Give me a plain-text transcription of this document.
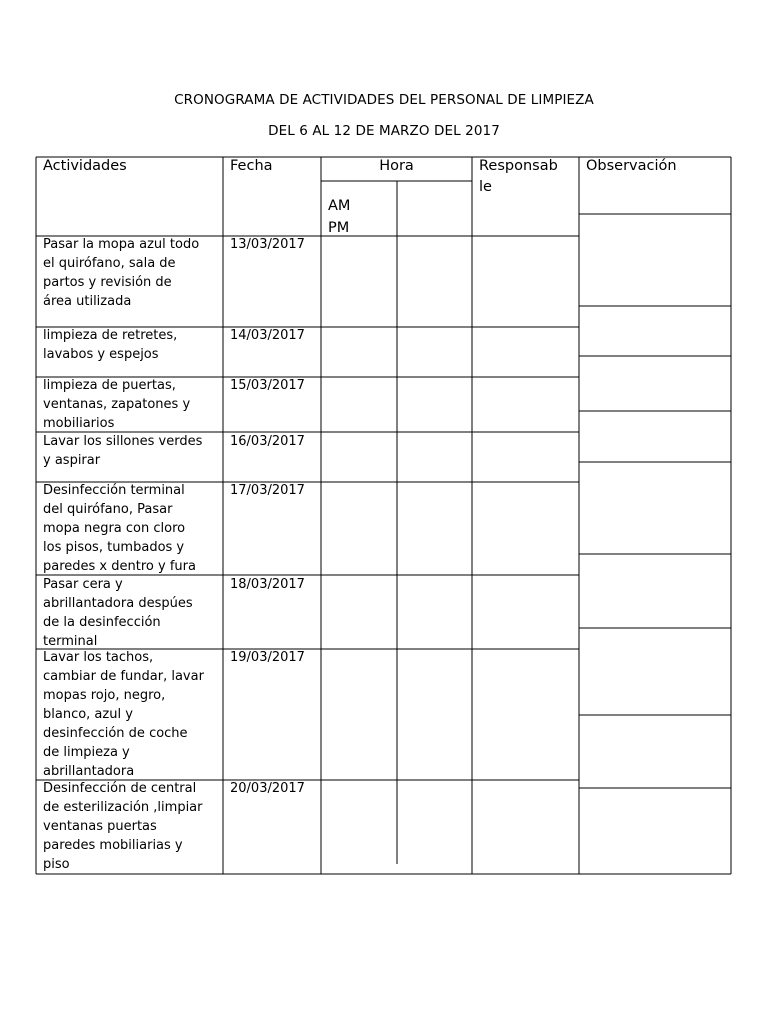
CRONOGRAMA DE ACTIVIDADES DEL PERSONAL DE LIMPIEZA
DEL 6 AL 12 DE MARZO DEL 2017
Actividades	Fecha	Hora
AM
PM
Responsab
le
Observación
Pasar la mopa azul todo
el quirófano, sala de
partos y revisión de
área utilizada
13/03/2017
limpieza de retretes,
lavabos y espejos
14/03/2017
limpieza de puertas,
ventanas, zapatones y
mobiliarios
15/03/2017
Lavar los sillones verdes
y aspirar
16/03/2017
Desinfección terminal
del quirófano, Pasar
mopa negra con cloro
los pisos, tumbados y
paredes x dentro y fura
17/03/2017
Pasar cera y
abrillantadora despúes
de la desinfección
terminal
18/03/2017
Lavar los tachos,
cambiar de fundar, lavar
mopas rojo, negro,
blanco, azul y
desinfección de coche
de limpieza y
abrillantadora
19/03/2017
Desinfección de central
de esterilización ,limpiar
ventanas puertas
paredes mobiliarias y
piso
20/03/2017
